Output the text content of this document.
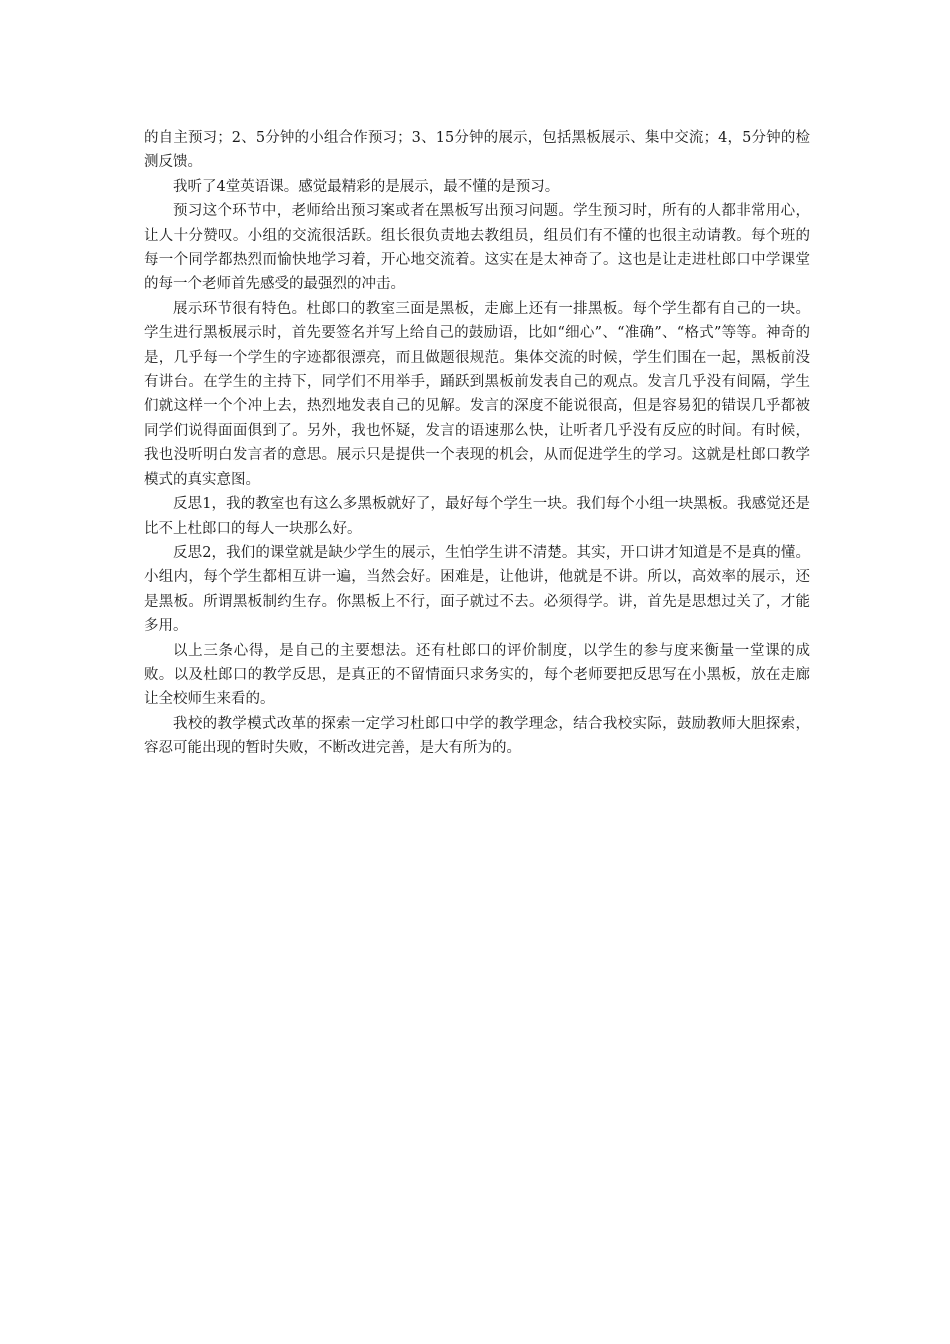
的自主预习；2、5分钟的小组合作预习；3、15分钟的展示，包括黑板展示、集中交流；4，5分钟的检测反馈。

我听了4堂英语课。感觉最精彩的是展示，最不懂的是预习。

预习这个环节中，老师给出预习案或者在黑板写出预习问题。学生预习时，所有的人都非常用心，让人十分赞叹。小组的交流很活跃。组长很负责地去教组员，组员们有不懂的也很主动请教。每个班的每一个同学都热烈而愉快地学习着，开心地交流着。这实在是太神奇了。这也是让走进杜郎口中学课堂的每一个老师首先感受的最强烈的冲击。

展示环节很有特色。杜郎口的教室三面是黑板，走廊上还有一排黑板。每个学生都有自己的一块。学生进行黑板展示时，首先要签名并写上给自己的鼓励语，比如“细心”、“准确”、“格式”等等。神奇的是，几乎每一个学生的字迹都很漂亮，而且做题很规范。集体交流的时候，学生们围在一起，黑板前没有讲台。在学生的主持下，同学们不用举手，踊跃到黑板前发表自己的观点。发言几乎没有间隔，学生们就这样一个个冲上去，热烈地发表自己的见解。发言的深度不能说很高，但是容易犯的错误几乎都被同学们说得面面俱到了。另外，我也怀疑，发言的语速那么快，让听者几乎没有反应的时间。有时候，我也没听明白发言者的意思。展示只是提供一个表现的机会，从而促进学生的学习。这就是杜郎口教学模式的真实意图。

反思1，我的教室也有这么多黑板就好了，最好每个学生一块。我们每个小组一块黑板。我感觉还是比不上杜郎口的每人一块那么好。

反思2，我们的课堂就是缺少学生的展示，生怕学生讲不清楚。其实，开口讲才知道是不是真的懂。小组内，每个学生都相互讲一遍，当然会好。困难是，让他讲，他就是不讲。所以，高效率的展示，还是黑板。所谓黑板制约生存。你黑板上不行，面子就过不去。必须得学。讲，首先是思想过关了，才能多用。

以上三条心得，是自己的主要想法。还有杜郎口的评价制度，以学生的参与度来衡量一堂课的成败。以及杜郎口的教学反思，是真正的不留情面只求务实的，每个老师要把反思写在小黑板，放在走廊让全校师生来看的。

我校的教学模式改革的探索一定学习杜郎口中学的教学理念，结合我校实际，鼓励教师大胆探索，容忍可能出现的暂时失败，不断改进完善，是大有所为的。
